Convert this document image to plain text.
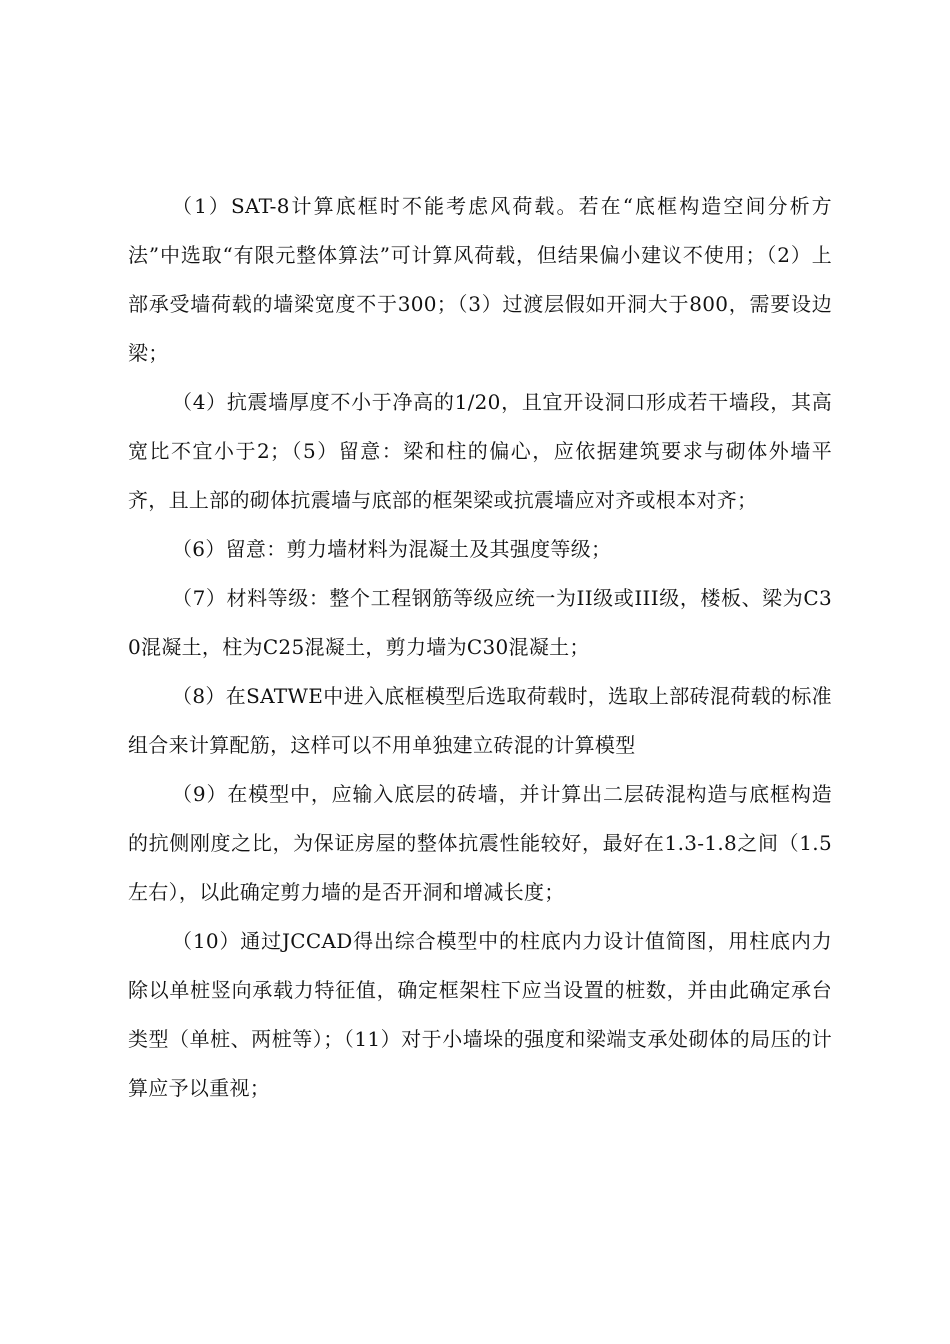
（1）SAT-8计算底框时不能考虑风荷载。若在“底框构造空间分析方法”中选取“有限元整体算法”可计算风荷载，但结果偏小建议不使用；（2）上部承受墙荷载的墙梁宽度不于300；（3）过渡层假如开洞大于800，需要设边梁；

（4）抗震墙厚度不小于净高的1/20，且宜开设洞口形成若干墙段，其高宽比不宜小于2；（5）留意：梁和柱的偏心，应依据建筑要求与砌体外墙平齐，且上部的砌体抗震墙与底部的框架梁或抗震墙应对齐或根本对齐；

（6）留意：剪力墙材料为混凝土及其强度等级；

（7）材料等级：整个工程钢筋等级应统一为II级或III级，楼板、梁为C30混凝土，柱为C25混凝土，剪力墙为C30混凝土；

（8）在SATWE中进入底框模型后选取荷载时，选取上部砖混荷载的标准组合来计算配筋，这样可以不用单独建立砖混的计算模型

（9）在模型中，应输入底层的砖墙，并计算出二层砖混构造与底框构造的抗侧刚度之比，为保证房屋的整体抗震性能较好，最好在1.3-1.8之间（1.5左右），以此确定剪力墙的是否开洞和增减长度；

（10）通过JCCAD得出综合模型中的柱底内力设计值简图，用柱底内力除以单桩竖向承载力特征值，确定框架柱下应当设置的桩数，并由此确定承台类型（单桩、两桩等）；（11）对于小墙垛的强度和梁端支承处砌体的局压的计算应予以重视；
